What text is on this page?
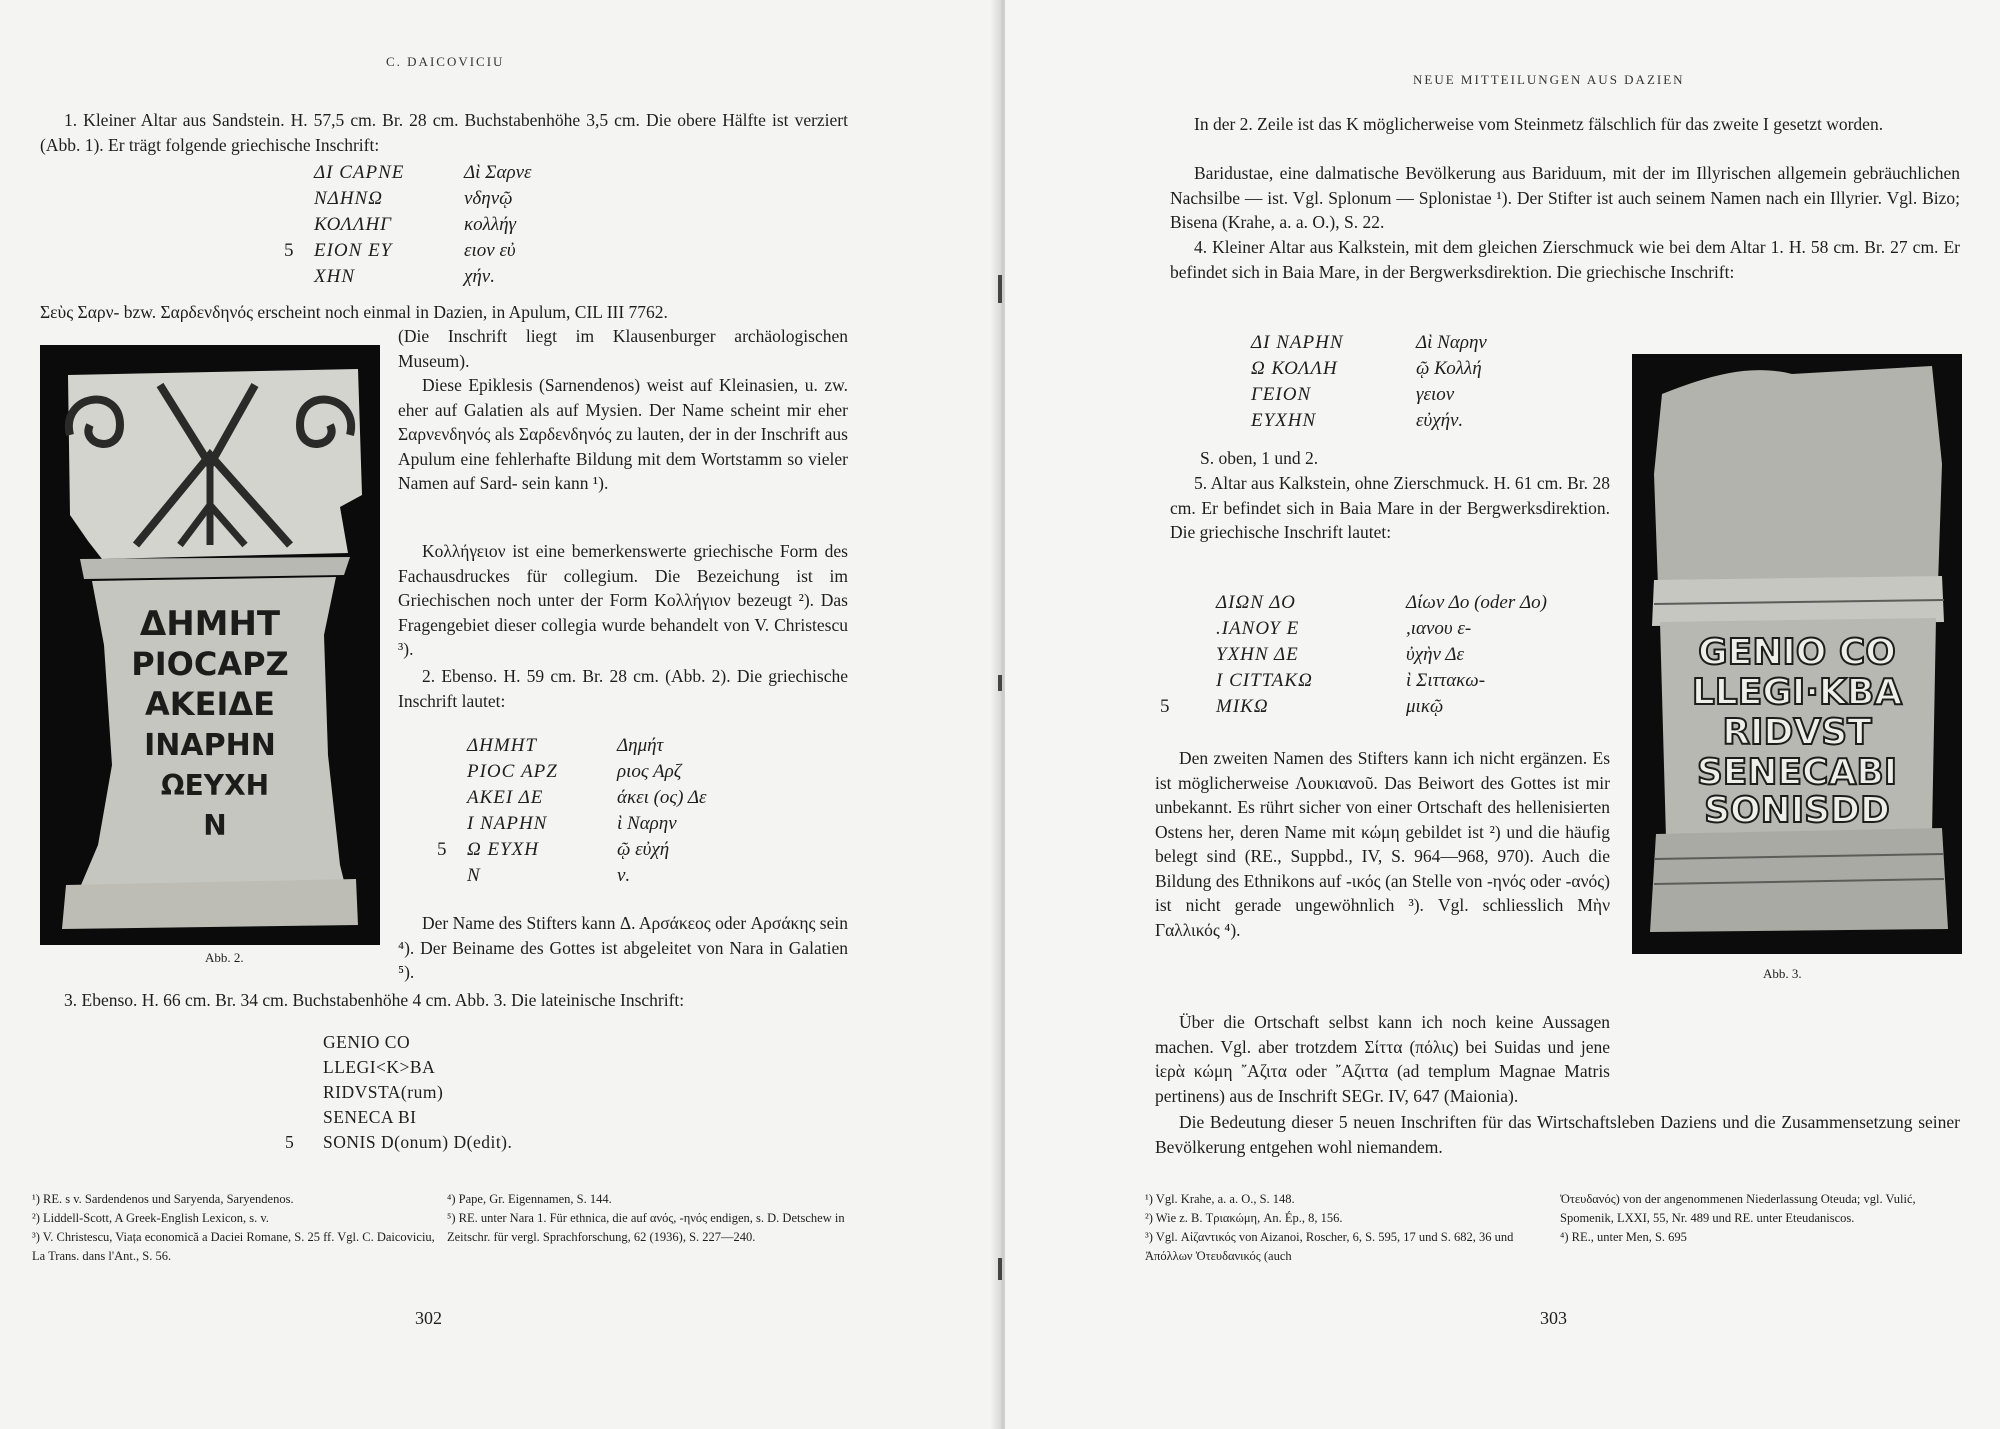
C. DAICOVICIU

1. Kleiner Altar aus Sandstein. H. 57,5 cm. Br. 28 cm. Buchstabenhöhe 3,5 cm. Die obere Hälfte ist verziert (Abb. 1). Er trägt folgende griechische Inschrift:

ΔΙ CΑΡΝΕ	Δὶ Σαρνε
ΝΔΗΝΩ	νδηνῷ
ΚΟΛΛΗΓ	κολλήγ
5	ΕΙΟΝ ΕΥ	ειον εὐ
ΧΗΝ	χήν.

Σεὺς Σαρν- bzw. Σαρδενδηνός erscheint noch einmal in Dazien, in Apulum, CIL III 7762.

ΔΗΜΗΤ
ΡΙΟCΑΡΖ
ΑΚΕΙΔΕ
ΙΝΑΡΗΝ
ΩΕΥΧΗ
Ν
Abb. 2.

(Die Inschrift liegt im Klausenburger archäologischen Museum).

Diese Epiklesis (Sarnendenos) weist auf Kleinasien, u. zw. eher auf Galatien als auf Mysien. Der Name scheint mir eher Σαρνενδηνός als Σαρδενδηνός zu lauten, der in der Inschrift aus Apulum eine fehlerhafte Bildung mit dem Wortstamm so vieler Namen auf Sard- sein kann ¹).

Κολλήγειον ist eine bemerkenswerte griechische Form des Fachausdruckes für collegium. Die Bezeichung ist im Griechischen noch unter der Form Κολλήγιον bezeugt ²). Das Fragengebiet dieser collegia wurde behandelt von V. Christescu ³).

2. Ebenso. H. 59 cm. Br. 28 cm. (Abb. 2). Die griechische Inschrift lautet:

ΔΗΜΗΤ	Δημήτ
ΡΙΟC ΑΡΖ	ριος Αρζ
ΑΚΕΙ ΔΕ	άκει (ος) Δε
Ι ΝΑΡΗΝ	ὶ Ναρην
5	Ω ΕΥΧΗ	ῷ εὐχή
Ν	ν.

Der Name des Stifters kann Δ. Αρσάκεος oder Αρσάκης sein ⁴). Der Beiname des Gottes ist abgeleitet von Nara in Galatien ⁵).

3. Ebenso. H. 66 cm. Br. 34 cm. Buchstabenhöhe 4 cm. Abb. 3. Die lateinische Inschrift:

GENIO CO
LLEGI<K>BA
RIDVSTA(rum)
SENECA BI
5	SONIS D(onum) D(edit).

¹) RE. s v. Sardendenos und Saryenda, Saryendenos.

²) Liddell-Scott, A Greek-English Lexicon, s. v.

³) V. Christescu, Viața economică a Daciei Romane, S. 25 ff. Vgl. C. Daicoviciu, La Trans. dans l'Ant., S. 56.

⁴) Pape, Gr. Eigennamen, S. 144.

⁵) RE. unter Nara 1. Für ethnica, die auf ανός, -ηνός endigen, s. D. Detschew in Zeitschr. für vergl. Sprachforschung, 62 (1936), S. 227—240.

302
NEUE MITTEILUNGEN AUS DAZIEN

In der 2. Zeile ist das K möglicherweise vom Steinmetz fälschlich für das zweite I gesetzt worden.

Baridustae, eine dalmatische Bevölkerung aus Bariduum, mit der im Illyrischen allgemein gebräuchlichen Nachsilbe — ist. Vgl. Splonum — Splonistae ¹). Der Stifter ist auch seinem Namen nach ein Illyrier. Vgl. Bizo; Bisena (Krahe, a. a. O.), S. 22.

4. Kleiner Altar aus Kalkstein, mit dem gleichen Zierschmuck wie bei dem Altar 1. H. 58 cm. Br. 27 cm. Er befindet sich in Baia Mare, in der Bergwerksdirektion. Die griechische Inschrift:

ΔΙ ΝΑΡΗΝ	Δὶ Ναρην
Ω ΚΟΛΛΗ	ῷ Κολλή
ΓΕΙΟΝ	γειον
ΕΥΧΗΝ	εὐχήν.

S. oben, 1 und 2.

5. Altar aus Kalkstein, ohne Zierschmuck. H. 61 cm. Br. 28 cm. Er befindet sich in Baia Mare in der Bergwerksdirektion. Die griechische Inschrift lautet:

ΔΙΩΝ ΔΟ	Δίων Δο (oder Δο)
.ΙΑΝΟΥ Ε	,ιανου ε-
ΥΧΗΝ ΔΕ	ὐχὴν Δε
Ι CΙΤΤΑΚΩ	ὶ Σιττακω-
5	ΜΙΚΩ	μικῷ

Den zweiten Namen des Stifters kann ich nicht ergänzen. Es ist möglicherweise Λουκιανοῦ. Das Beiwort des Gottes ist mir unbekannt. Es rührt sicher von einer Ortschaft des hellenisierten Ostens her, deren Name mit κώμη gebildet ist ²) und die häufig belegt sind (RE., Suppbd., IV, S. 964—968, 970). Auch die Bildung des Ethnikons auf -ικός (an Stelle von -ηνός oder -ανός) ist nicht gerade ungewöhnlich ³). Vgl. schliesslich Μὴν Γαλλικός ⁴).

GENIO CO
LLEGI·KBA
RIDVST
SENECABI
SONISDD
Abb. 3.

Über die Ortschaft selbst kann ich noch keine Aussagen machen. Vgl. aber trotzdem Σίττα (πόλις) bei Suidas und jene ἱερὰ κώμη ῎Αζιτα oder ῎Αζιττα (ad templum Magnae Matris pertinens) aus de Inschrift SEGr. IV, 647 (Maionia).

Die Bedeutung dieser 5 neuen Inschriften für das Wirtschaftsleben Daziens und die Zusammensetzung seiner Bevölkerung entgehen wohl niemandem.

¹) Vgl. Krahe, a. a. O., S. 148.

²) Wie z. B. Τριακώμη, An. Ép., 8, 156.

³) Vgl. Αἰζαντικός von Aizanoi, Roscher, 6, S. 595, 17 und S. 682, 36 und Ἀπόλλων Ὀτευδανικός (auch

Ὀτευδανός) von der angenommenen Niederlassung Oteuda; vgl. Vulić, Spomenik, LXXI, 55, Nr. 489 und RE. unter Eteudaniscos.

⁴) RE., unter Men, S. 695

303
